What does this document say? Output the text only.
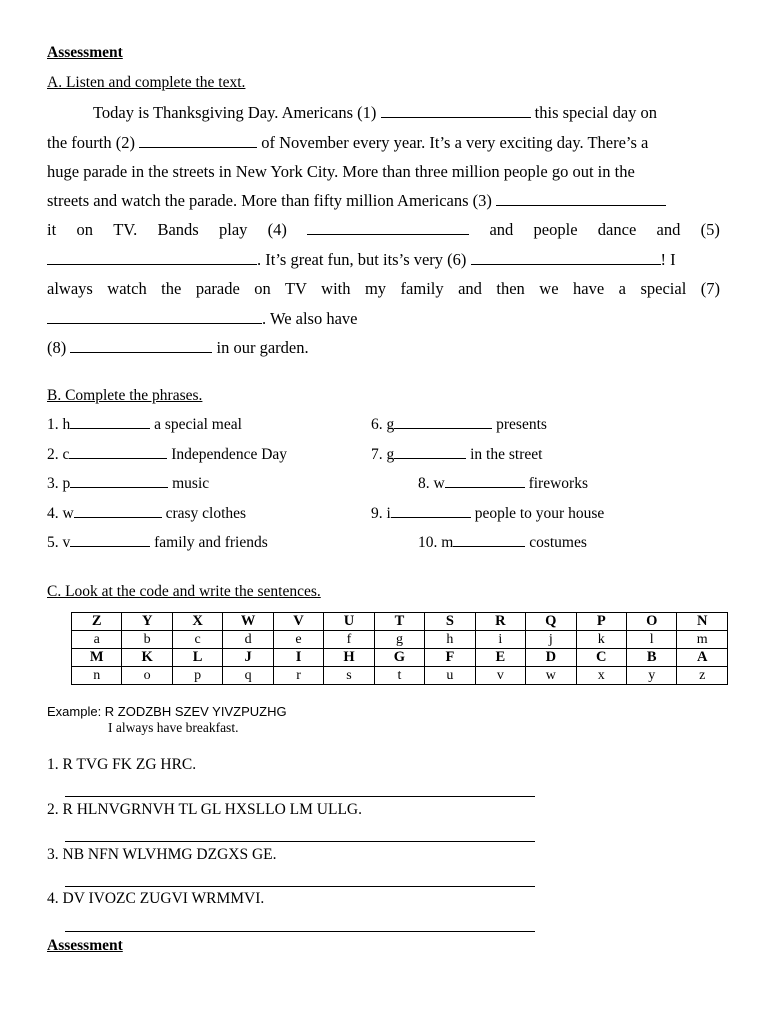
Assessment
A. Listen and complete the text.
Today is Thanksgiving Day. Americans (1)	this special day on
the fourth (2)	of November every year. It’s a very exciting day. There’s a
huge parade in the streets in New York City. More than three million people go out in the
streets and watch the parade. More than fifty million Americans (3)
it on TV. Bands play (4)	and people dance and (5)
. It’s great fun, but its’s very (6)	! I
always watch the parade on TV with my family and then we have a special (7)
. We also have
(8)	in our garden.
B. Complete the phrases.
1. h	a special meal
2. c	Independence Day
3. p	music
4. w	crasy clothes
5. v	family and friends
6. g	presents
7. g	in the street
8. w	fireworks
9. i	people to your house
10. m	costumes
C. Look at the code and write the sentences.
Z	Y	X	W	V	U	T	S	R	Q	P	O	N
a	b	c	d	e	f	g	h	i	j	k	l	m
M	K	L	J	I	H	G	F	E	D	C	B	A
n	o	p	q	r	s	t	u	v	w	x	y	z
Example: R ZODZBH SZEV YIVZPUZHG
I always have breakfast.
1. R TVG FK ZG HRC.
2. R HLNVGRNVH TL GL HXSLLO LM ULLG.
3. NB NFN WLVHMG DZGXS GE.
4. DV IVOZC ZUGVI WRMMVI.
Assessment
